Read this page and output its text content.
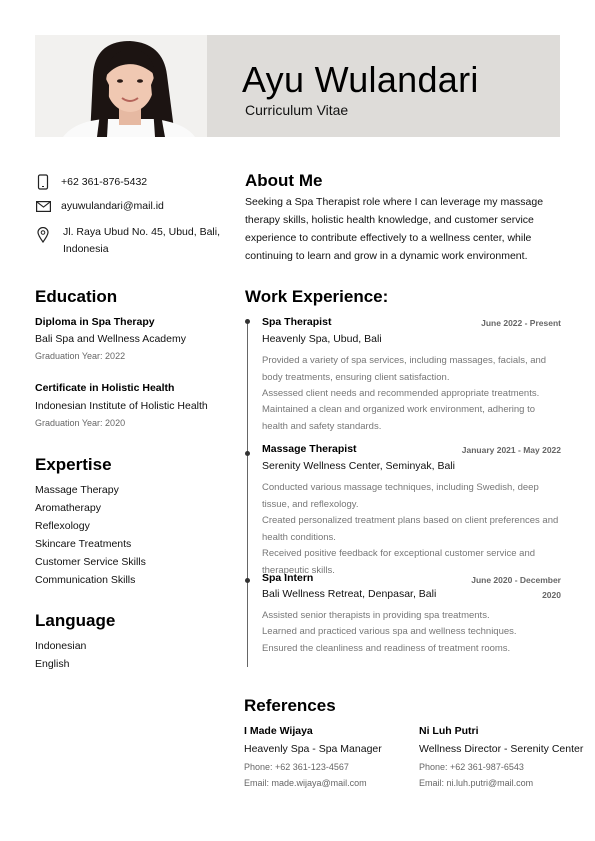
Ayu Wulandari
Curriculum Vitae
+62 361-876-5432
ayuwulandari@mail.id
Jl. Raya Ubud No. 45, Ubud, Bali, Indonesia
Education
Diploma in Spa Therapy
Bali Spa and Wellness Academy
Graduation Year: 2022
Certificate in Holistic Health
Indonesian Institute of Holistic Health
Graduation Year: 2020
Expertise
Massage Therapy
Aromatherapy
Reflexology
Skincare Treatments
Customer Service Skills
Communication Skills
Language
Indonesian
English
About Me
Seeking a Spa Therapist role where I can leverage my massage therapy skills, holistic health knowledge, and customer service experience to contribute effectively to a wellness center, while continuing to learn and grow in a dynamic work environment.
Work Experience:
Spa Therapist	June 2022 - Present
Heavenly Spa, Ubud, Bali
Provided a variety of spa services, including massages, facials, and body treatments, ensuring client satisfaction.
Assessed client needs and recommended appropriate treatments.
Maintained a clean and organized work environment, adhering to health and safety standards.
Massage Therapist	January 2021 - May 2022
Serenity Wellness Center, Seminyak, Bali
Conducted various massage techniques, including Swedish, deep tissue, and reflexology.
Created personalized treatment plans based on client preferences and health conditions.
Received positive feedback for exceptional customer service and therapeutic skills.
Spa Intern	June 2020 - December 2020
Bali Wellness Retreat, Denpasar, Bali
Assisted senior therapists in providing spa treatments.
Learned and practiced various spa and wellness techniques.
Ensured the cleanliness and readiness of treatment rooms.
References
I Made Wijaya
Heavenly Spa - Spa Manager
Phone: +62 361-123-4567
Email: made.wijaya@mail.com
Ni Luh Putri
Wellness Director - Serenity Center
Phone: +62 361-987-6543
Email: ni.luh.putri@mail.com
